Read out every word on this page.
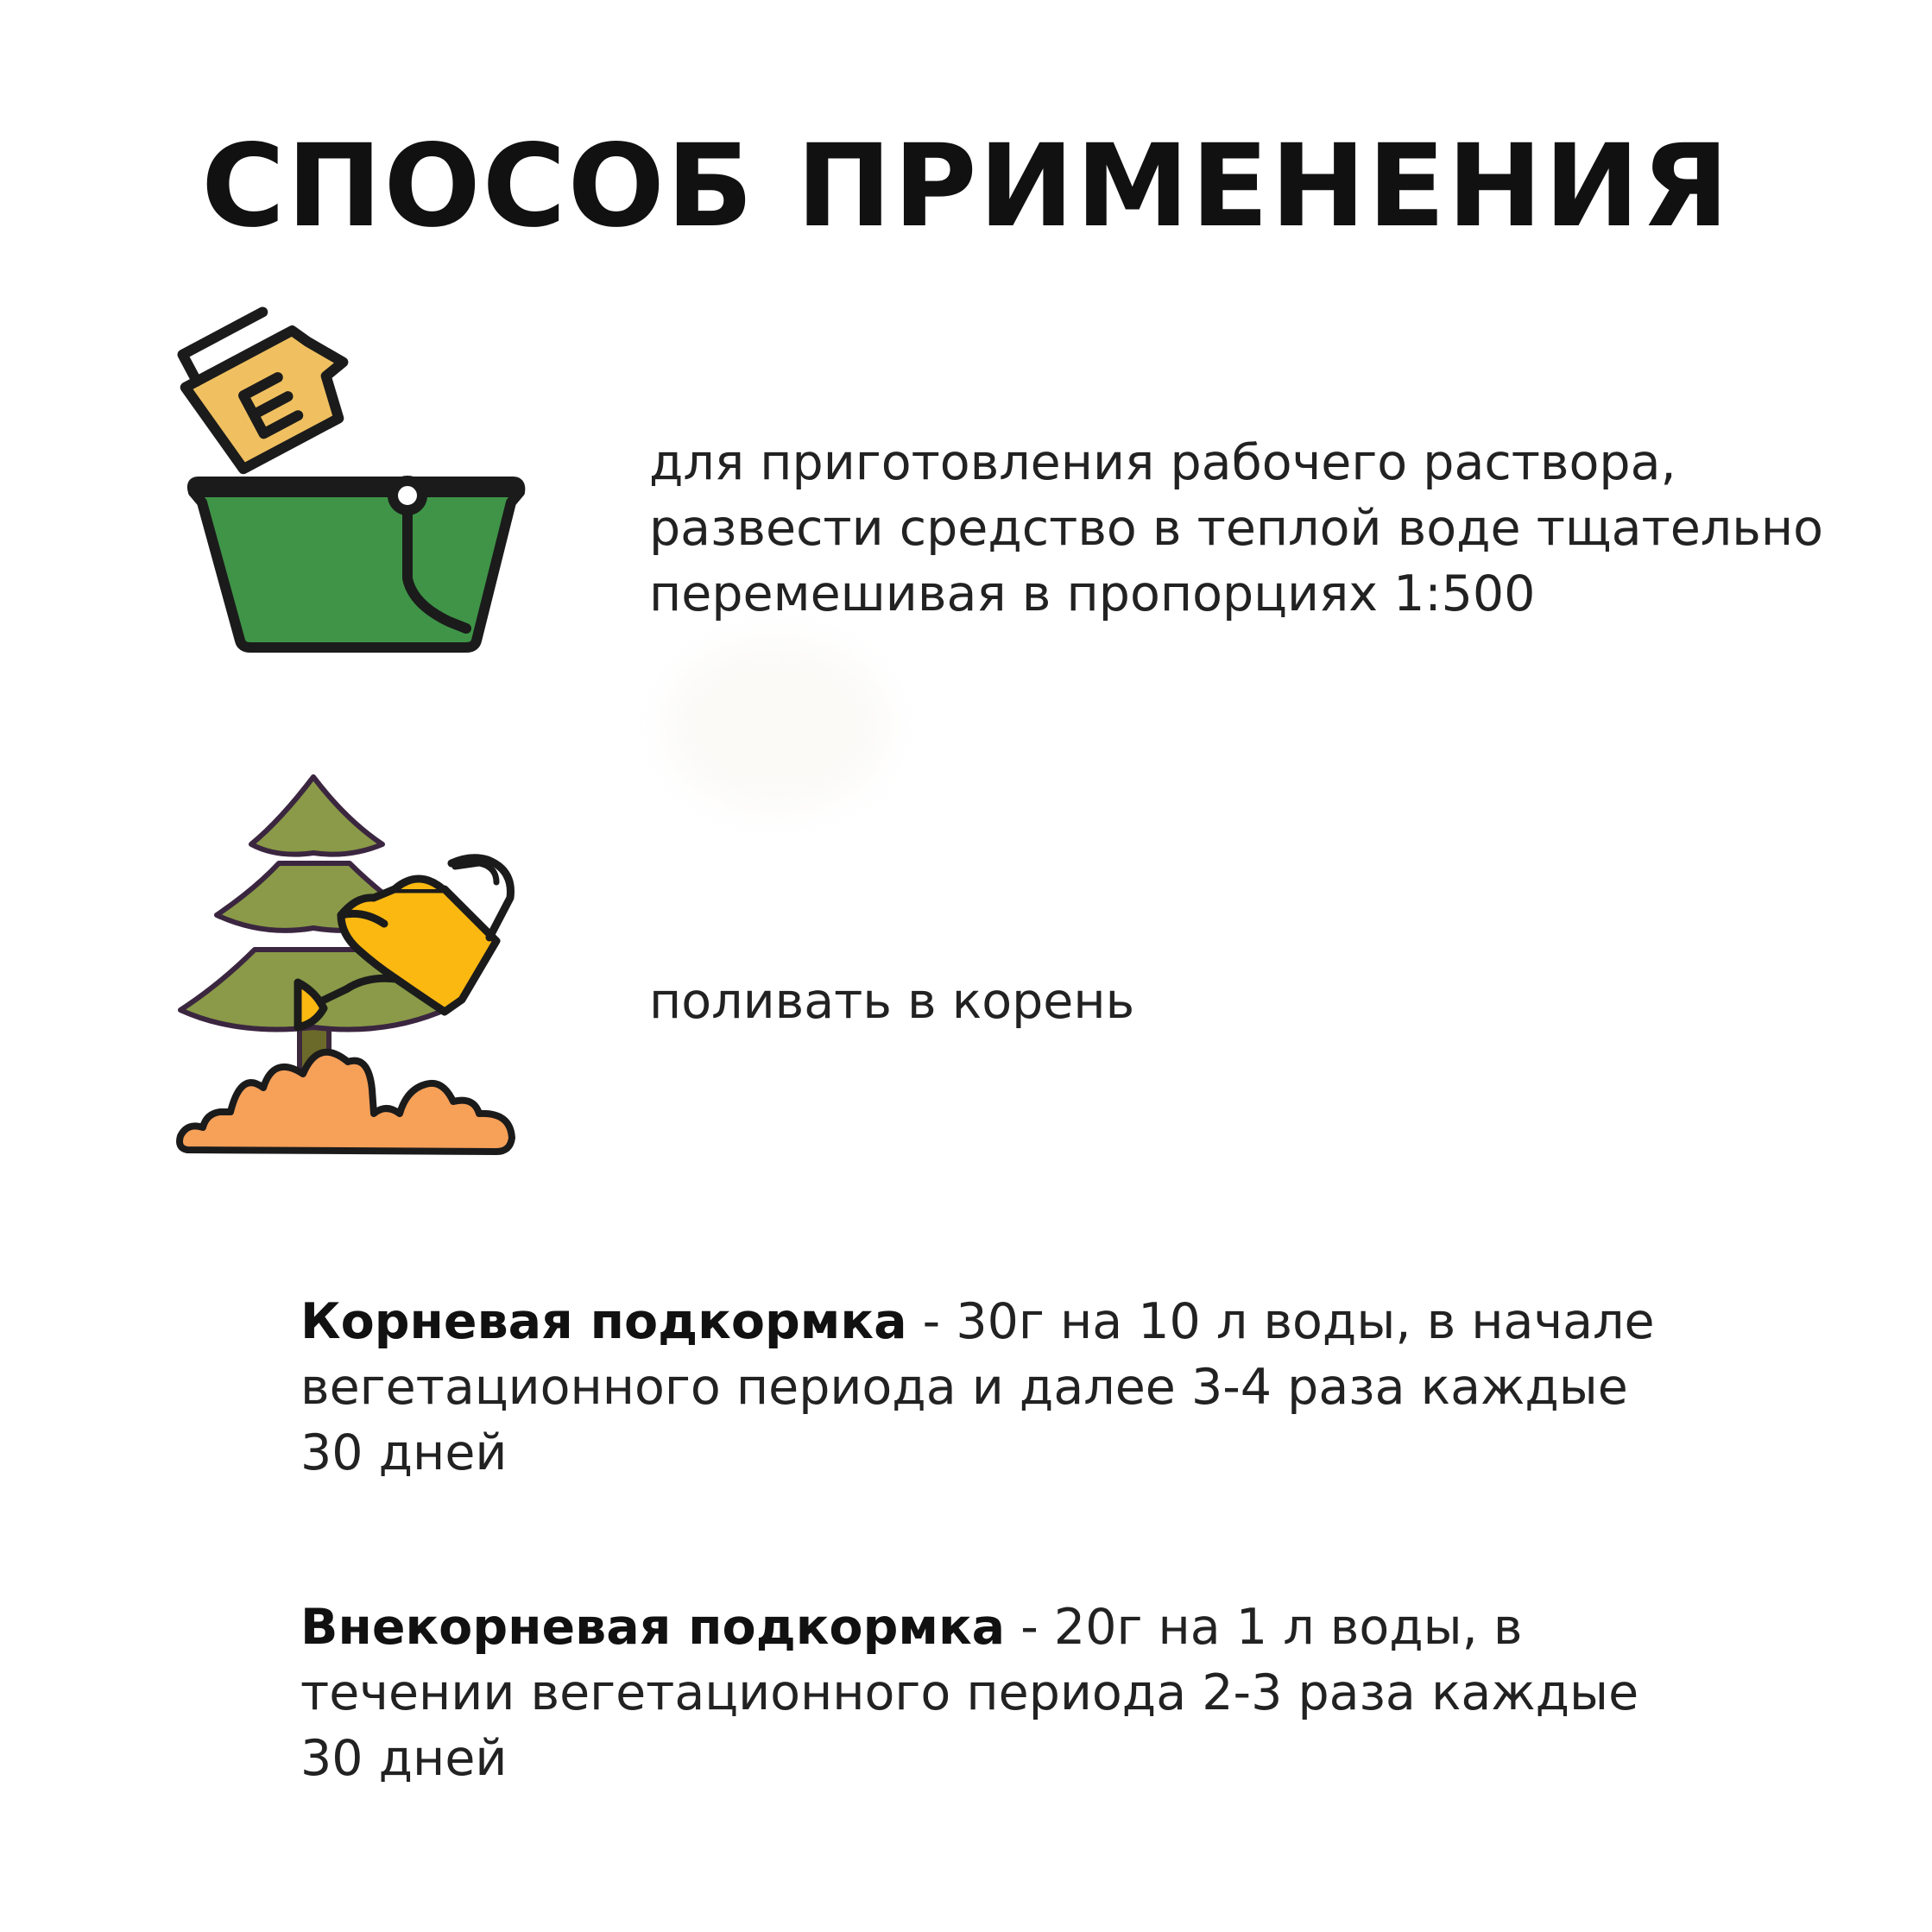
СПОСОБ ПРИМЕНЕНИЯ
для приготовления рабочего раствора,
развести средство в теплой воде тщательно
перемешивая в пропорциях 1:500
поливать в корень
Корневая подкормка - 30г на 10 л воды, в начале
вегетационного периода и далее 3-4 раза каждые
30 дней
Внекорневая подкормка - 20г на 1 л воды, в
течении вегетационного периода 2-3 раза каждые
30 дней
